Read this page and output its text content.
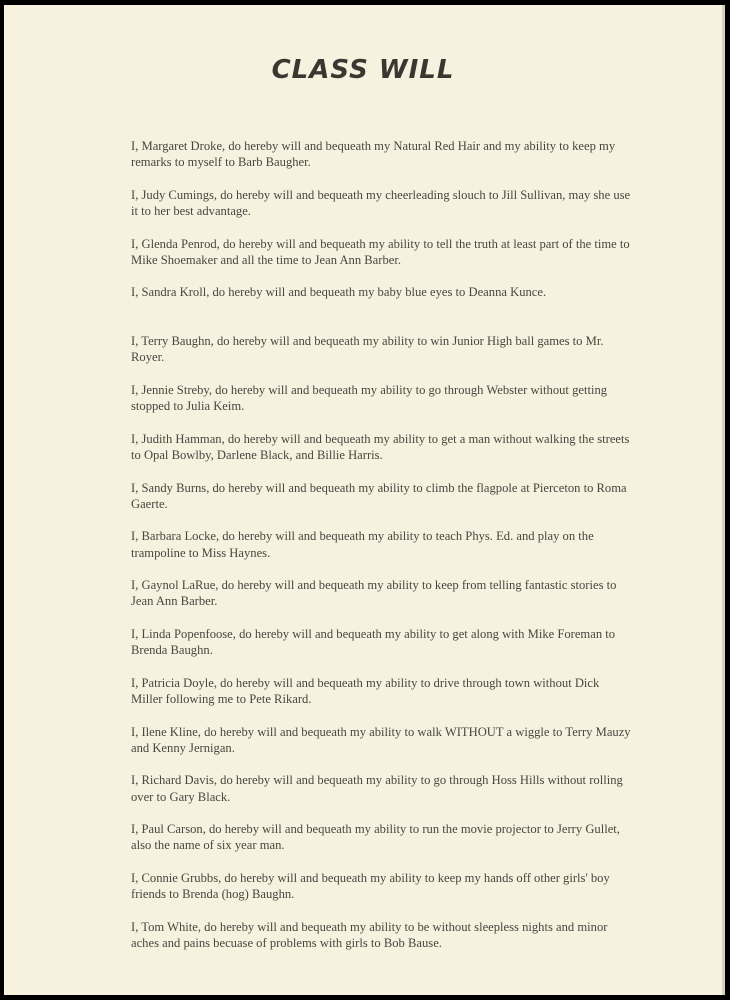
CLASS WILL
I, Margaret Droke, do hereby will and bequeath my Natural Red Hair and my ability to keep my remarks to myself to Barb Baugher.
I, Judy Cumings, do hereby will and bequeath my cheerleading slouch to Jill Sullivan, may she use it to her best advantage.
I, Glenda Penrod, do hereby will and bequeath my ability to tell the truth at least part of the time to Mike Shoemaker and all the time to Jean Ann Barber.
I, Sandra Kroll, do hereby will and bequeath my baby blue eyes to Deanna Kunce.
I, Terry Baughn, do hereby will and bequeath my ability to win Junior High ball games to Mr. Royer.
I, Jennie Streby, do hereby will and bequeath my ability to go through Webster without getting stopped to Julia Keim.
I, Judith Hamman, do hereby will and bequeath my ability to get a man without walking the streets to Opal Bowlby, Darlene Black, and Billie Harris.
I, Sandy Burns, do hereby will and bequeath my ability to climb the flagpole at Pierceton to Roma Gaerte.
I, Barbara Locke, do hereby will and bequeath my ability to teach Phys. Ed. and play on the trampoline to Miss Haynes.
I, Gaynol LaRue, do hereby will and bequeath my ability to keep from telling fantastic stories to Jean Ann Barber.
I, Linda Popenfoose, do hereby will and bequeath my ability to get along with Mike Foreman to Brenda Baughn.
I, Patricia Doyle, do hereby will and bequeath my ability to drive through town without Dick Miller following me to Pete Rikard.
I, Ilene Kline, do hereby will and bequeath my ability to walk WITHOUT a wiggle to Terry Mauzy and Kenny Jernigan.
I, Richard Davis, do hereby will and bequeath my ability to go through Hoss Hills without rolling over to Gary Black.
I, Paul Carson, do hereby will and bequeath my ability to run the movie projector to Jerry Gullet, also the name of six year man.
I, Connie Grubbs, do hereby will and bequeath my ability to keep my hands off other girls' boy friends to Brenda (hog) Baughn.
I, Tom White, do hereby will and bequeath my ability to be without sleepless nights and minor aches and pains becuase of problems with girls to Bob Bause.
